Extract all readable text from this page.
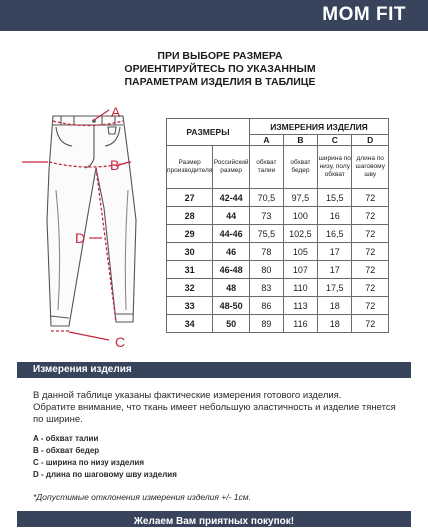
MOM FIT
ПРИ ВЫБОРЕ РАЗМЕРА
ОРИЕНТИРУЙТЕСЬ ПО УКАЗАННЫМ
ПАРАМЕТРАМ ИЗДЕЛИЯ В ТАБЛИЦЕ
A
B
D
C
РАЗМЕРЫ		ИЗМЕРЕНИЯ ИЗДЕЛИЯ			
		A	B	C	D
Размер производителя	Российский размер	обхват талии	обхват бедер	ширина по низу, полу обхват	длина по шаговому шву
27	42-44	70,5	97,5	15,5	72
28	44	73	100	16	72
29	44-46	75,5	102,5	16,5	72
30	46	78	105	17	72
31	46-48	80	107	17	72
32	48	83	110	17,5	72
33	48-50	86	113	18	72
34	50	89	116	18	72
Измерения изделия
В данной таблице указаны фактические измерения готового изделия.
Обратите внимание, что ткань имеет небольшую эластичность и изделие тянется по ширине.
A - обхват талии
B - обхват бедер
C - ширина по низу изделия
D - длина по шаговому шву изделия
*Допустимые отклонения измерения изделия +/- 1см.
Желаем Вам приятных покупок!
